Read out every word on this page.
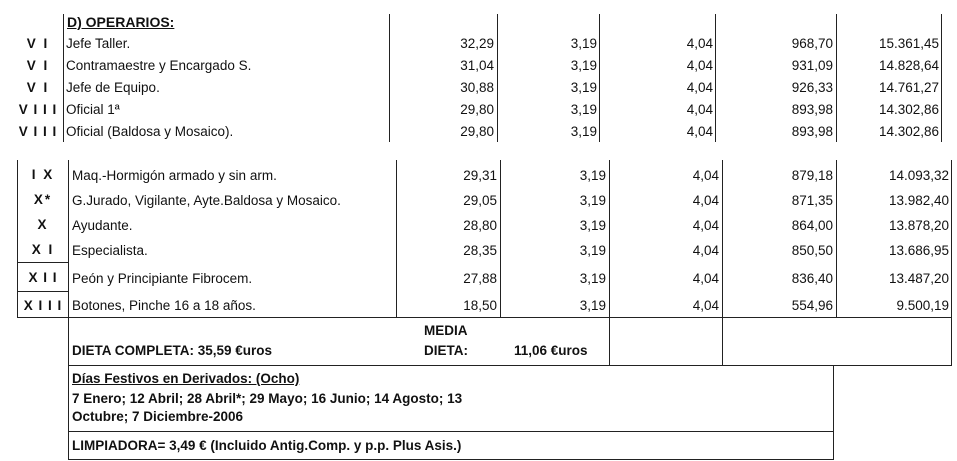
D) OPERARIOS:
V I	Jefe Taller.	32,29	3,19	4,04	968,70	15.361,45
V I	Contramaestre y Encargado S.	31,04	3,19	4,04	931,09	14.828,64
V I	Jefe de Equipo.	30,88	3,19	4,04	926,33	14.761,27
V I I I Oficial 1ª	29,80	3,19	4,04	893,98	14.302,86
V I I I Oficial (Baldosa y Mosaico).	29,80	3,19	4,04	893,98	14.302,86
I X	Maq.-Hormigón armado y sin arm.	29,31	3,19	4,04	879,18	14.093,32
X*	G.Jurado, Vigilante, Ayte.Baldosa y Mosaico.	29,05	3,19	4,04	871,35	13.982,40
X	Ayudante.	28,80	3,19	4,04	864,00	13.878,20
X I	Especialista.	28,35	3,19	4,04	850,50	13.686,95
X I I	Peón y Principiante Fibrocem.	27,88	3,19	4,04	836,40	13.487,20
X I I I Botones, Pinche 16 a 18 años.	18,50	3,19	4,04	554,96	9.500,19
DIETA COMPLETA: 35,59 €uros
MEDIA
DIETA:	11,06 €uros
Días Festivos en Derivados: (Ocho)
7 Enero; 12 Abril; 28 Abril*; 29 Mayo; 16 Junio; 14 Agosto; 13
Octubre; 7 Diciembre-2006
LIMPIADORA= 3,49 € (Incluido Antig.Comp. y p.p. Plus Asis.)
